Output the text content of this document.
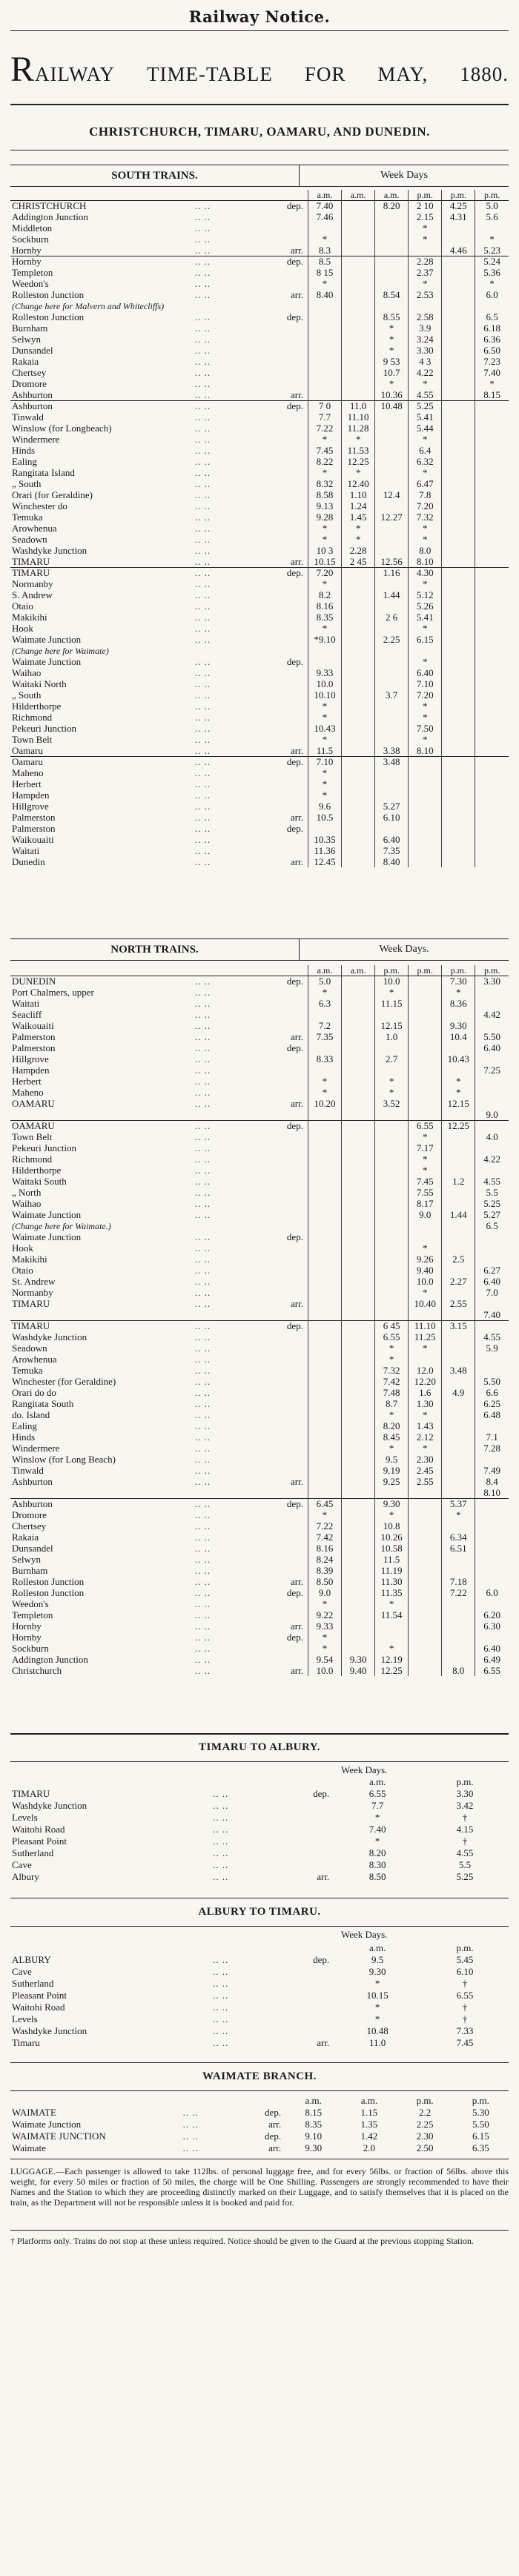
Railway Notice.
RAILWAY TIME-TABLE FOR MAY, 1880.
CHRISTCHURCH, TIMARU, OAMARU, AND DUNEDIN.
SOUTH TRAINS.	Week Days
			a.m.	a.m.	a.m.	p.m.	p.m.	p.m.
CHRISTCHURCH	.. ..	dep.	7.40		8.20	2 10	4.25	5.0
Addington Junction	.. ..		7.46			2.15	4.31	5.6
Middleton	.. ..					*		
Sockburn	.. ..		*			*		*
Hornby	.. ..	arr.	8.3				4.46	5.23
Hornby	.. ..	dep.	8.5			2.28		5.24
Templeton	.. ..		8 15			2.37		5.36
Weedon's	.. ..		*			*		*
Rolleston Junction	.. ..	arr.	8.40		8.54	2.53		6.0
(Change here for Malvern and Whitecliffs)								
Rolleston Junction	.. ..	dep.			8.55	2.58		6.5
Burnham	.. ..				*	3.9		6.18
Selwyn	.. ..				*	3.24		6.36
Dunsandel	.. ..				*	3.30		6.50
Rakaia	.. ..				9 53	4 3		7.23
Chertsey	.. ..				10.7	4.22		7.40
Dromore	.. ..				*	*		*
Ashburton	.. ..	arr.			10.36	4.55		8.15
Ashburton	.. ..	dep.	7 0	11.0	10.48	5.25		
Tinwald	.. ..		7.7	11.10		5.41		
Winslow (for Longbeach)	.. ..		7.22	11.28		5.44		
Windermere	.. ..		*	*		*		
Hinds	.. ..		7.45	11.53		6.4		
Ealing	.. ..		8.22	12.25		6.32		
Rangitata Island	.. ..		*	*		*		
„ South	.. ..		8.32	12.40		6.47		
Orari (for Geraldine)	.. ..		8.58	1.10	12.4	7.8		
Winchester do	.. ..		9.13	1.24		7.20		
Temuka	.. ..		9.28	1.45	12.27	7.32		
Arowhenua	.. ..		*	*		*		
Seadown	.. ..		*	*		*		
Washdyke Junction	.. ..		10 3	2.28		8.0		
TIMARU	.. ..	arr.	10.15	2 45	12.56	8.10		
TIMARU	.. ..	dep.	7.20		1.16	4.30		
Normanby	.. ..		*			*		
S. Andrew	.. ..		8.2		1.44	5.12		
Otaio	.. ..		8.16			5.26		
Makikihi	.. ..		8.35		2 6	5.41		
Hook	.. ..		*			*		
Waimate Junction	.. ..		*9.10		2.25	6.15		
(Change here for Waimate)								
Waimate Junction	.. ..	dep.				*		
Waihao	.. ..		9.33			6.40		
Waitaki North	.. ..		10.0			7.10		
„ South	.. ..		10.10		3.7	7.20		
Hilderthorpe	.. ..		*			*		
Richmond	.. ..		*			*		
Pekeuri Junction	.. ..		10.43			7.50		
Town Belt	.. ..		*			*		
Oamaru	.. ..	arr.	11.5		3.38	8.10		
Oamaru	.. ..	dep.	7.10		3.48			
Maheno	.. ..		*					
Herbert	.. ..		*					
Hampden	.. ..		*					
Hillgrove	.. ..		9.6		5.27			
Palmerston	.. ..	arr.	10.5		6.10			
Palmerston	.. ..	dep.						
Waikouaiti	.. ..		10.35		6.40			
Waitati	.. ..		11.36		7.35			
Dunedin	.. ..	arr.	12.45		8.40			
NORTH TRAINS.	Week Days.
			a.m.	a.m.	p.m.	p.m.	p.m.	p.m.
DUNEDIN	.. ..	dep.	5.0		10.0		7.30	3.30
Port Chalmers, upper	.. ..		*		*		*	
Waitati	.. ..		6.3		11.15		8.36	
Seacliff	.. ..							4.42
Waikouaiti	.. ..		7.2		12.15		9.30	
Palmerston	.. ..	arr.	7.35		1.0		10.4	5.50
Palmerston	.. ..	dep.						6.40
Hillgrove	.. ..		8.33		2.7		10.43	
Hampden	.. ..							7.25
Herbert	.. ..		*		*		*	
Maheno	.. ..		*		*		*	
OAMARU	.. ..	arr.	10.20		3.52		12.15	
								9.0
OAMARU	.. ..	dep.				6.55	12.25	
Town Belt	.. ..					*		4.0
Pekeuri Junction	.. ..					7.17		
Richmond	.. ..					*		4.22
Hilderthorpe	.. ..					*		
Waitaki South	.. ..					7.45	1.2	4.55
„ North	.. ..					7.55		5.5
Waihao	.. ..					8.17		5.25
Waimate Junction	.. ..					9.0	1.44	5.27
(Change here for Waimate.)								6.5
Waimate Junction	.. ..	dep.						
Hook	.. ..					*		
Makikihi	.. ..					9.26	2.5	
Otaio	.. ..					9.40		6.27
St. Andrew	.. ..					10.0	2.27	6.40
Normanby	.. ..					*		7.0
TIMARU	.. ..	arr.				10.40	2.55	
								7.40
TIMARU	.. ..	dep.			6 45	11.10	3.15	
Washdyke Junction	.. ..				6.55	11.25		4.55
Seadown	.. ..				*	*		5.9
Arowhenua	.. ..				*			
Temuka	.. ..				7.32	12.0	3.48	
Winchester (for Geraldine)	.. ..				7.42	12.20		5.50
Orari do do	.. ..				7.48	1.6	4.9	6.6
Rangitata South	.. ..				8.7	1.30		6.25
do. Island	.. ..				*	*		6.48
Ealing	.. ..				8.20	1.43		
Hinds	.. ..				8.45	2.12		7.1
Windermere	.. ..				*	*		7.28
Winslow (for Long Beach)	.. ..				9.5	2.30		
Tinwald	.. ..				9.19	2.45		7.49
Ashburton	.. ..	arr.			9.25	2.55		8.4
								8.10
Ashburton	.. ..	dep.	6.45		9.30		5.37	
Dromore	.. ..		*		*		*	
Chertsey	.. ..		7.22		10.8			
Rakaia	.. ..		7.42		10.26		6.34	
Dunsandel	.. ..		8.16		10.58		6.51	
Selwyn	.. ..		8.24		11.5			
Burnham	.. ..		8.39		11.19			
Rolleston Junction	.. ..	arr.	8.50		11.30		7.18	
Rolleston Junction	.. ..	dep.	9.0		11.35		7.22	6.0
Weedon's	.. ..		*		*			
Templeton	.. ..		9.22		11.54			6.20
Hornby	.. ..	arr.	9.33					6.30
Hornby	.. ..	dep.	*					
Sockburn	.. ..		*		*			6.40
Addington Junction	.. ..		9.54	9.30	12.19			6.49
Christchurch	.. ..	arr.	10.0	9.40	12.25		8.0	6.55
TIMARU TO ALBURY.
Week Days.
			a.m.	p.m.
TIMARU	.. ..	dep.	6.55	3.30
Washdyke Junction	.. ..		7.7	3.42
Levels	.. ..		*	†
Waitohi Road	.. ..		7.40	4.15
Pleasant Point	.. ..		*	†
Sutherland	.. ..		8.20	4.55
Cave	.. ..		8.30	5.5
Albury	.. ..	arr.	8.50	5.25
ALBURY TO TIMARU.
Week Days.
			a.m.	p.m.
ALBURY	.. ..	dep.	9.5	5.45
Cave	.. ..		9.30	6.10
Sutherland	.. ..		*	†
Pleasant Point	.. ..		10.15	6.55
Waitohi Road	.. ..		*	†
Levels	.. ..		*	†
Washdyke Junction	.. ..		10.48	7.33
Timaru	.. ..	arr.	11.0	7.45
WAIMATE BRANCH.
			a.m.	a.m.	p.m.	p.m.
WAIMATE	.. ..	dep.	8.15	1.15	2.2	5.30
Waimate Junction	.. ..	arr.	8.35	1.35	2.25	5.50
WAIMATE JUNCTION	.. ..	dep.	9.10	1.42	2.30	6.15
Waimate	.. ..	arr.	9.30	2.0	2.50	6.35
LUGGAGE.—Each passenger is allowed to take 112lbs. of personal luggage free, and for every 56lbs. or fraction of 56lbs. above this weight, for every 50 miles or fraction of 50 miles, the charge will be One Shilling. Passengers are strongly recommended to have their Names and the Station to which they are proceeding distinctly marked on their Luggage, and to satisfy themselves that it is placed on the train, as the Department will not be responsible unless it is booked and paid for.
† Platforms only. Trains do not stop at these unless required. Notice should be given to the Guard at the previous stopping Station.
